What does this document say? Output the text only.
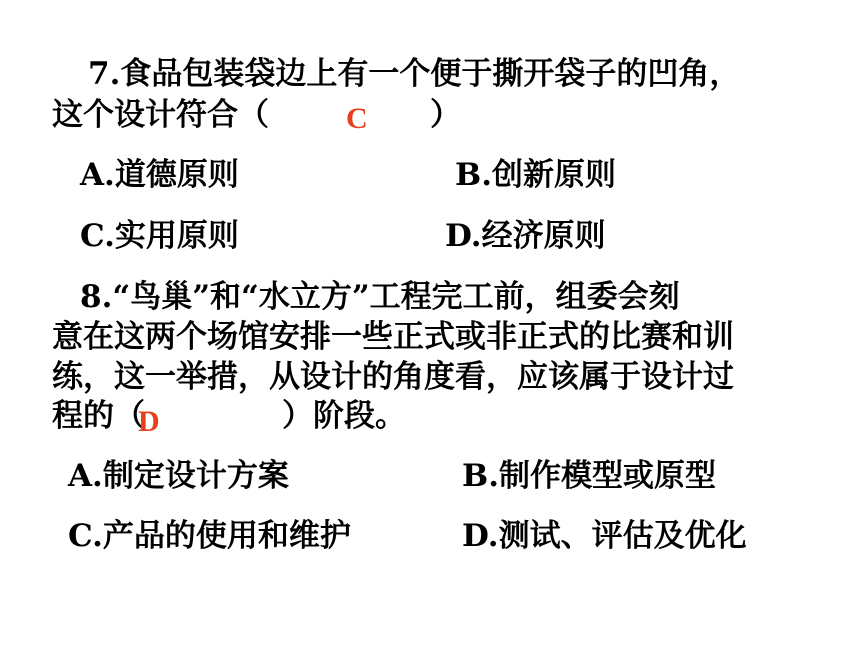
7.食品包装袋边上有一个便于撕开袋子的凹角，
这个设计符合（	C ）
A.道德原则	B.创新原则
C.实用原则	D.经济原则
8.“鸟巢”和“水立方”工程完工前，组委会刻
意在这两个场馆安排一些正式或非正式的比赛和训
练，这一举措，从设计的角度看，应该属于设计过
程的（
D	）阶段。
A.制定设计方案	B.制作模型或原型
C.产品的使用和维护	D.测试、评估及优化
